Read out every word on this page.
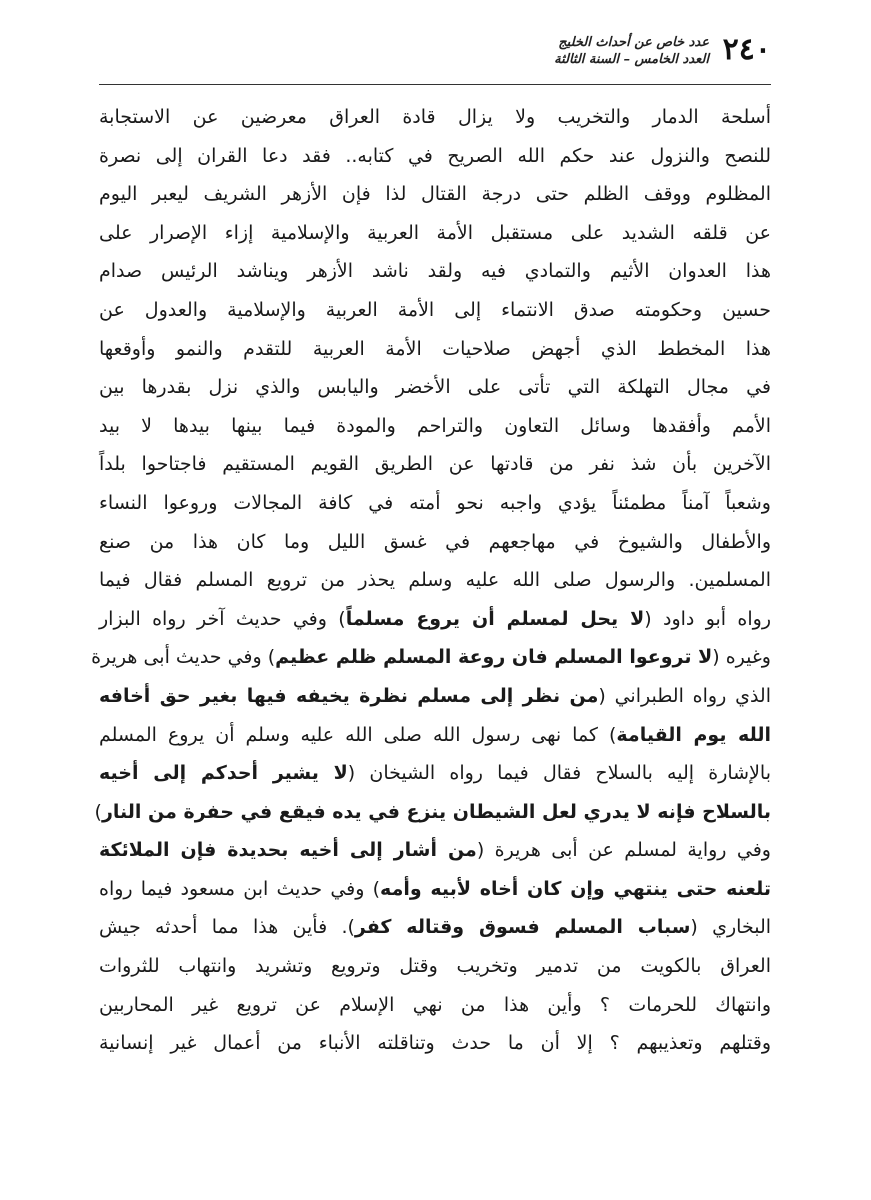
٢٤٠
عدد خاص عن أحداث الخليج
العدد الخامس – السنة الثالثة
أسلحة الدمار والتخريب ولا يزال قادة العراق معرضين عن الاستجابة
للنصح والنزول عند حكم الله الصريح في كتابه.. فقد دعا القران إلى نصرة
المظلوم ووقف الظلم حتى درجة القتال لذا فإن الأزهر الشريف ليعبر اليوم
عن قلقه الشديد على مستقبل الأمة العربية والإسلامية إزاء الإصرار على
هذا العدوان الأثيم والتمادي فيه ولقد ناشد الأزهر ويناشد الرئيس صدام
حسين وحكومته صدق الانتماء إلى الأمة العربية والإسلامية والعدول عن
هذا المخطط الذي أجهض صلاحيات الأمة العربية للتقدم والنمو وأوقعها
في مجال التهلكة التي تأتى على الأخضر واليابس والذي نزل بقدرها بين
الأمم وأفقدها وسائل التعاون والتراحم والمودة فيما بينها بيدها لا بيد
الآخرين بأن شذ نفر من قادتها عن الطريق القويم المستقيم فاجتاحوا بلداً
وشعباً آمناً مطمئناً يؤدي واجبه نحو أمته في كافة المجالات وروعوا النساء
والأطفال والشيوخ في مهاجعهم في غسق الليل وما كان هذا من صنع
المسلمين. والرسول صلى الله عليه وسلم يحذر من ترويع المسلم فقال فيما
رواه أبو داود (لا يحل لمسلم أن يروع مسلماً) وفي حديث آخر رواه البزار
وغيره (لا تروعوا المسلم فان روعة المسلم ظلم عظيم) وفي حديث أبى هريرة
الذي رواه الطبراني (من نظر إلى مسلم نظرة يخيفه فيها بغير حق أخافه
الله يوم القيامة) كما نهى رسول الله صلى الله عليه وسلم أن يروع المسلم
بالإشارة إليه بالسلاح فقال فيما رواه الشيخان (لا يشير أحدكم إلى أخيه
بالسلاح فإنه لا يدري لعل الشيطان ينزع في يده فيقع في حفرة من النار)
وفي رواية لمسلم عن أبى هريرة (من أشار إلى أخيه بحديدة فإن الملائكة
تلعنه حتى ينتهي وإن كان أخاه لأبيه وأمه) وفي حديث ابن مسعود فيما رواه
البخاري (سباب المسلم فسوق وقتاله كفر). فأين هذا مما أحدثه جيش
العراق بالكويت من تدمير وتخريب وقتل وترويع وتشريد وانتهاب للثروات
وانتهاك للحرمات ؟ وأين هذا من نهي الإسلام عن ترويع غير المحاربين
وقتلهم وتعذيبهم ؟ إلا أن ما حدث وتناقلته الأنباء من أعمال غير إنسانية
